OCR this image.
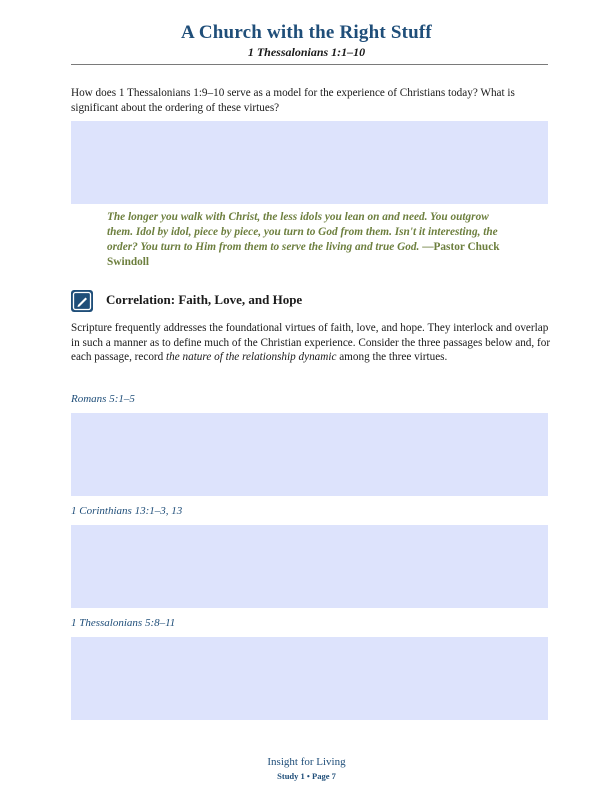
A Church with the Right Stuff
1 Thessalonians 1:1–10
How does 1 Thessalonians 1:9–10 serve as a model for the experience of Christians today? What is significant about the ordering of these virtues?
The longer you walk with Christ, the less idols you lean on and need. You outgrow them. Idol by idol, piece by piece, you turn to God from them. Isn't it interesting, the order? You turn to Him from them to serve the living and true God. —Pastor Chuck Swindoll
Correlation: Faith, Love, and Hope
Scripture frequently addresses the foundational virtues of faith, love, and hope. They interlock and overlap in such a manner as to define much of the Christian experience. Consider the three passages below and, for each passage, record the nature of the relationship dynamic among the three virtues.
Romans 5:1–5
1 Corinthians 13:1–3, 13
1 Thessalonians 5:8–11
Insight for Living
Study 1 • Page 7
